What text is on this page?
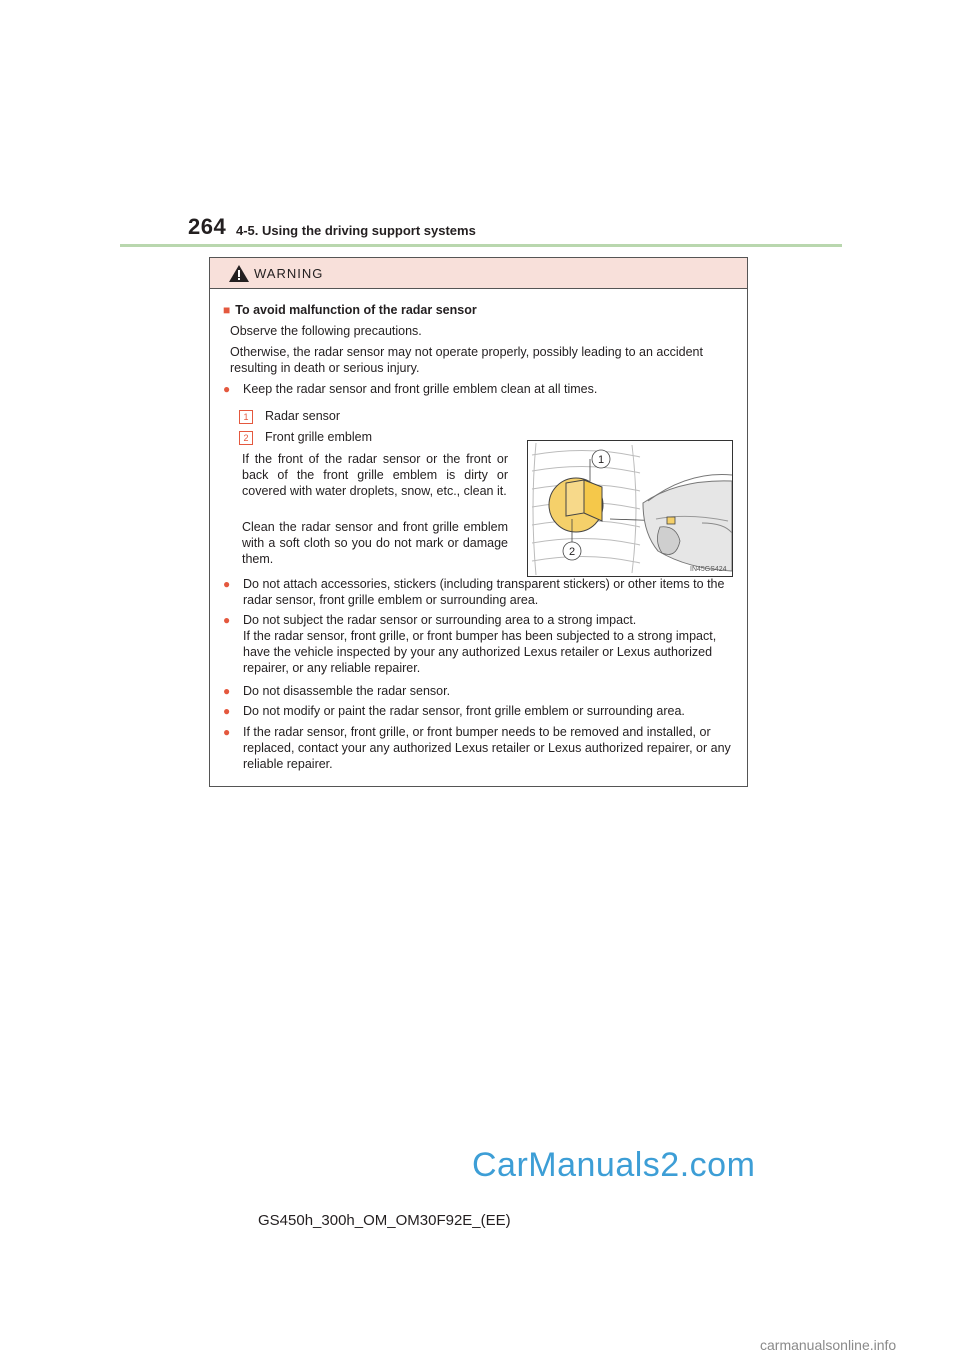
264 4-5. Using the driving support systems
WARNING
■ To avoid malfunction of the radar sensor
Observe the following precautions.
Otherwise, the radar sensor may not operate properly, possibly leading to an accident resulting in death or serious injury.
●	Keep the radar sensor and front grille emblem clean at all times.
1 Radar sensor
2 Front grille emblem
If the front of the radar sensor or the front or back of the front grille emblem is dirty or covered with water droplets, snow, etc., clean it.
Clean the radar sensor and front grille emblem with a soft cloth so you do not mark or damage them.
1
2
IN45GS424
●	Do not attach accessories, stickers (including transparent stickers) or other items to the radar sensor, front grille emblem or surrounding area.
●	Do not subject the radar sensor or surrounding area to a strong impact.
If the radar sensor, front grille, or front bumper has been subjected to a strong impact, have the vehicle inspected by your any authorized Lexus retailer or Lexus authorized repairer, or any reliable repairer.
●	Do not disassemble the radar sensor.
●	Do not modify or paint the radar sensor, front grille emblem or surrounding area.
●	If the radar sensor, front grille, or front bumper needs to be removed and installed, or replaced, contact your any authorized Lexus retailer or Lexus authorized repairer, or any reliable repairer.
CarManuals2.com
GS450h_300h_OM_OM30F92E_(EE)
carmanualsonline.info
